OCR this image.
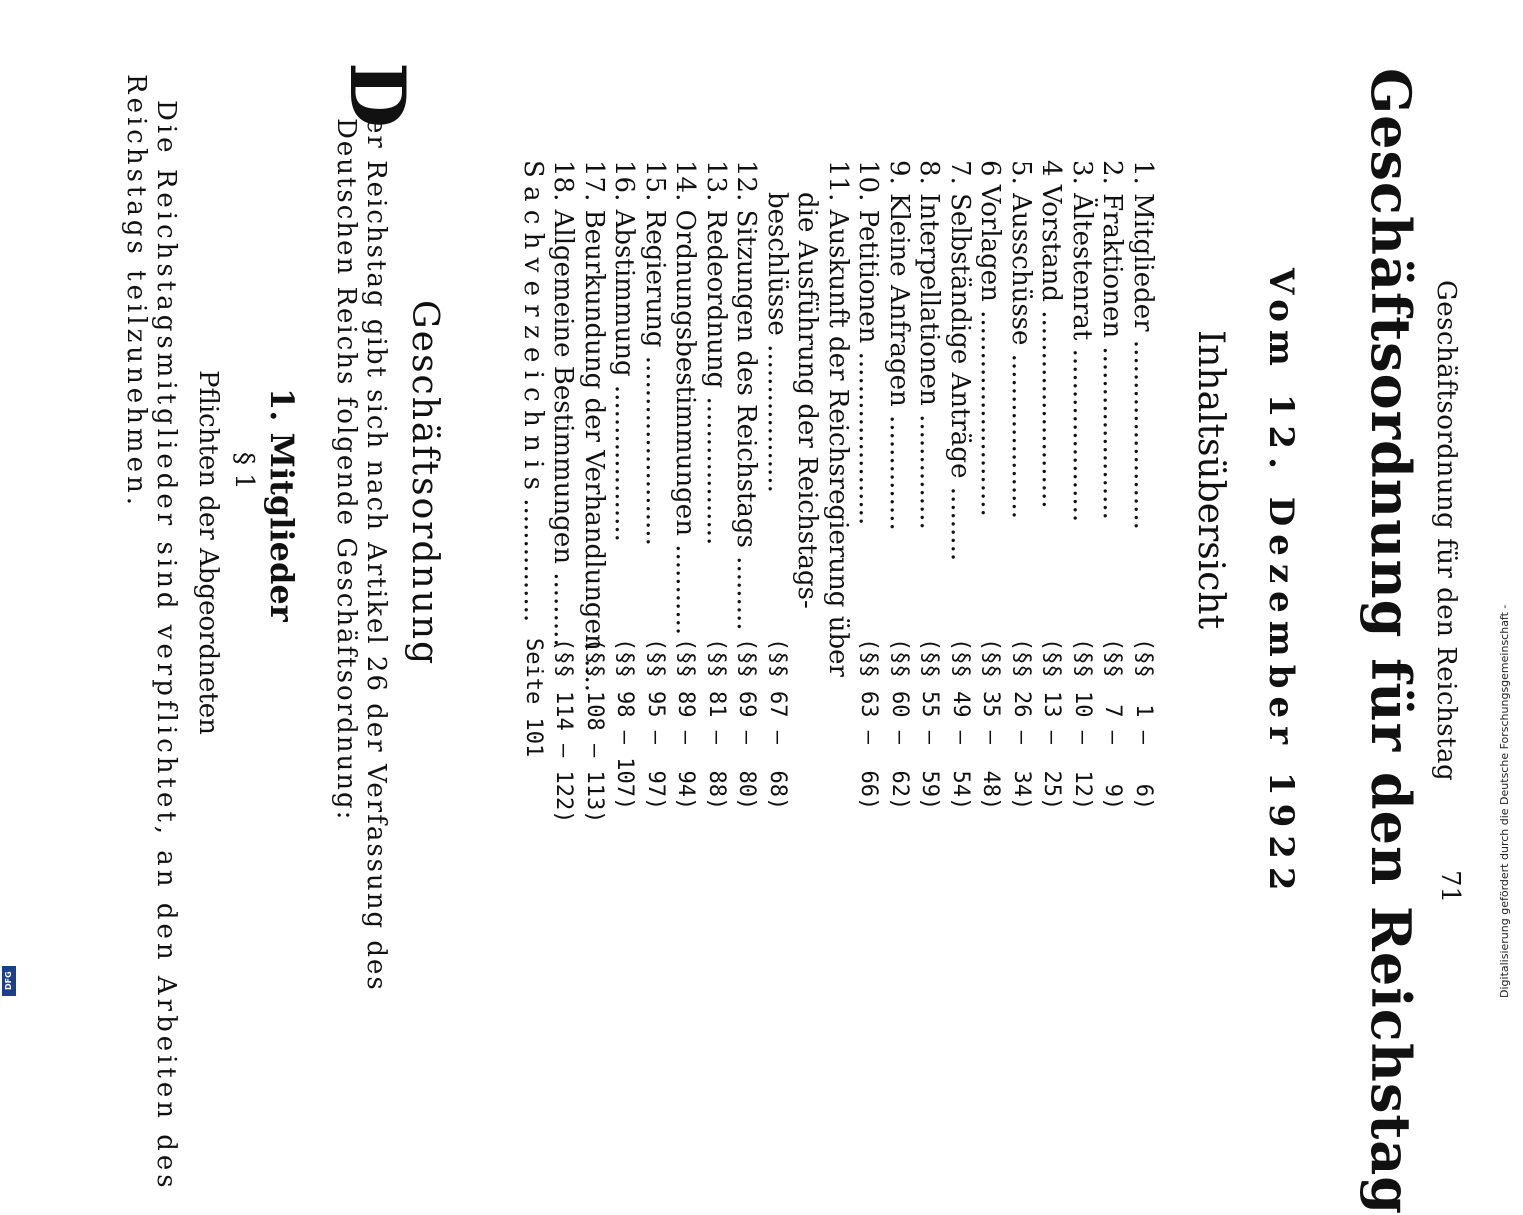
Geschäftsordnung für den Reichstag
71
Geschäftsordnung für den Reichstag
Vom 12. Dezember 1922
Inhaltsübersicht
1. Mitglieder .......................
(§§  1 —   6)
2. Fraktionen .....................
(§§  7 —   9)
3. Ältestenrat .....................
(§§ 10 —  12)
4 Vorstand ........................
(§§ 13 —  25)
5. Ausschüsse ....................
(§§ 26 —  34)
6 Vorlagen .........................
(§§ 35 —  48)
7. Selbständige Anträge .........
(§§ 49 —  54)
8. Interpellationen ..............
(§§ 55 —  59)
9. Kleine Anfragen ..............
(§§ 60 —  62)
10. Petitionen .....................
(§§ 63 —  66)
11. Auskunft der Reichsregierung über
die Ausführung der Reichstags-
beschlüsse ..................
(§§ 67 —  68)
12. Sitzungen des Reichstags .........
(§§ 69 —  80)
13. Redeordnung ..................
(§§ 81 —  88)
14. Ordnungsbestimmungen ...........
(§§ 89 —  94)
15. Regierung .......................
(§§ 95 —  97)
16. Abstimmung ...................
(§§ 98 — 107)
17. Beurkundung der Verhandlungen ....
(§§ 108 — 113)
18. Allgemeine Bestimmungen .........
(§§ 114 — 122)
S a c h v e r z e i c h n i s ...............
Seite 101
Geschäftsordnung
D
er Reichstag gibt sich nach Artikel 26 der Verfassung des
Deutschen Reichs folgende Geschäftsordnung:
1. Mitglieder
§ 1
Pflichten der Abgeordneten
Die Reichstagsmitglieder sind verpflichtet, an den Arbeiten des
Reichstags teilzunehmen.
Digitalisierung gefördert durch die Deutsche Forschungsgemeinschaft -
DFG
